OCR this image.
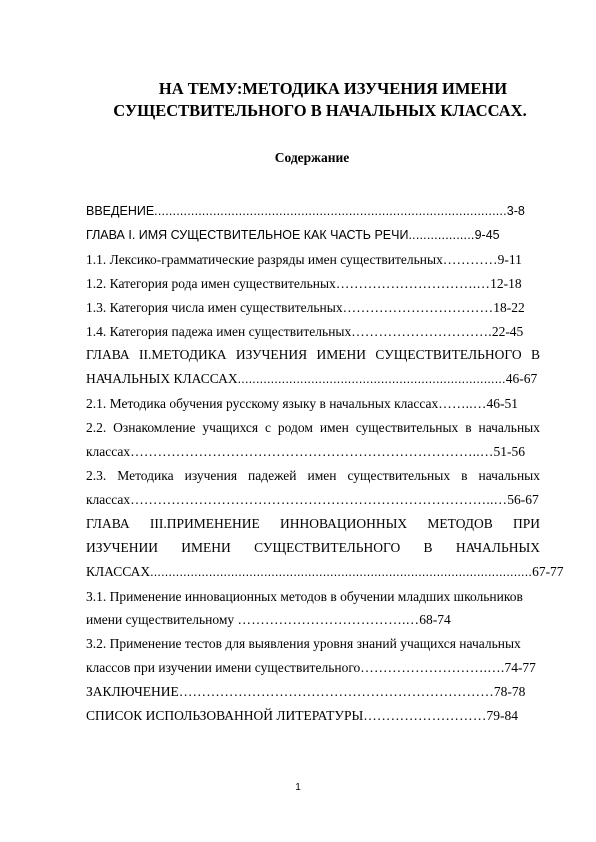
НА ТЕМУ:МЕТОДИКА ИЗУЧЕНИЯ ИМЕНИ
СУЩЕСТВИТЕЛЬНОГО В НАЧАЛЬНЫХ КЛАССАХ.
Содержание
ВВЕДЕНИЕ................................................................................................3-8
ГЛАВА I. ИМЯ СУЩЕСТВИТЕЛЬНОЕ КАК ЧАСТЬ РЕЧИ..................9-45
1.1. Лексико-грамматические разряды имен существительных…………9-11
1.2. Категория рода имен существительных………………………….…12-18
1.3. Категория числа имен существительных……………………………18-22
1.4. Категория падежа имен существительных………………………….22-45
ГЛАВА II.МЕТОДИКА ИЗУЧЕНИЯ ИМЕНИ СУЩЕСТВИТЕЛЬНОГО В
НАЧАЛЬНЫХ КЛАССАХ.........................................................................46-67
2.1. Методика обучения русскому языку в начальных классах……..…46-51
2.2. Ознакомление учащихся с родом имен существительных в начальных
классах…………………………………………………………………..…51-56
2.3. Методика изучения падежей имен существительных в начальных
классах……………………………………………………………………..…56-67
ГЛАВА III.ПРИМЕНЕНИЕ ИННОВАЦИОННЫХ МЕТОДОВ ПРИ
ИЗУЧЕНИИ ИМЕНИ СУЩЕСТВИТЕЛЬНОГО В НАЧАЛЬНЫХ
КЛАССАХ........................................................................................................67-77
3.1. Применение инновационных методов в обучении младших школьников
имени существительному ……………………………….…68-74
3.2. Применение тестов для выявления уровня знаний учащихся начальных
классов при изучении имени существительного……………………….….74-77
ЗАКЛЮЧЕНИЕ……………………………………………………………78-78
СПИСОК ИСПОЛЬЗОВАННОЙ ЛИТЕРАТУРЫ………………………79-84
1
